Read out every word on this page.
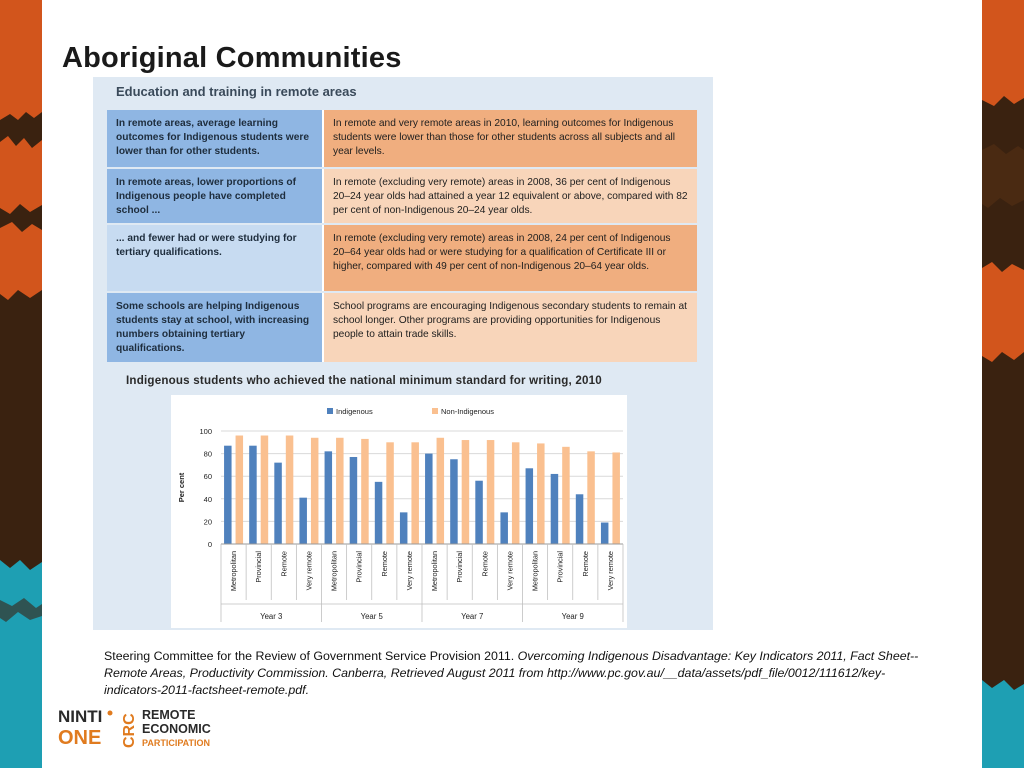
Aboriginal Communities
Education and training in remote areas
In remote areas, average learning outcomes for Indigenous students were lower than for other students.	In remote and very remote areas in 2010, learning outcomes for Indigenous students were lower than those for other students across all subjects and all year levels.
In remote areas, lower proportions of Indigenous people have completed school ...	In remote (excluding very remote) areas in 2008, 36 per cent of Indigenous 20–24 year olds had attained a year 12 equivalent or above, compared with 82 per cent of non-Indigenous 20–24 year olds.
... and fewer had or were studying for tertiary qualifications.	In remote (excluding very remote) areas in 2008, 24 per cent of Indigenous 20–64 year olds had or were studying for a qualification of Certificate III or higher, compared with 49 per cent of non-Indigenous 20–64 year olds.
Some schools are helping Indigenous students stay at school, with increasing numbers obtaining tertiary qualifications.	School programs are encouraging Indigenous secondary students to remain at school longer. Other programs are providing opportunities for Indigenous people to attain trade skills.
Indigenous students who achieved the national minimum standard for writing, 2010
0
20
40
60
80
100
Per cent
Indigenous	Non-Indigenous
Metropolitan Provincial Remote Very remote Metropolitan Provincial Remote Very remote Metropolitan Provincial Remote Very remote Metropolitan Provincial Remote Very remote
Year 3	Year 5	Year 7	Year 9
Steering Committee for the Review of Government Service Provision 2011. Overcoming Indigenous Disadvantage: Key Indicators 2011, Fact Sheet--Remote Areas, Productivity Commission. Canberra, Retrieved August 2011 from http://www.pc.gov.au/__data/assets/pdf_file/0012/111612/key-indicators-2011-factsheet-remote.pdf.
NINTI
ONE CRC REMOTE
ECONOMIC
PARTICIPATION
